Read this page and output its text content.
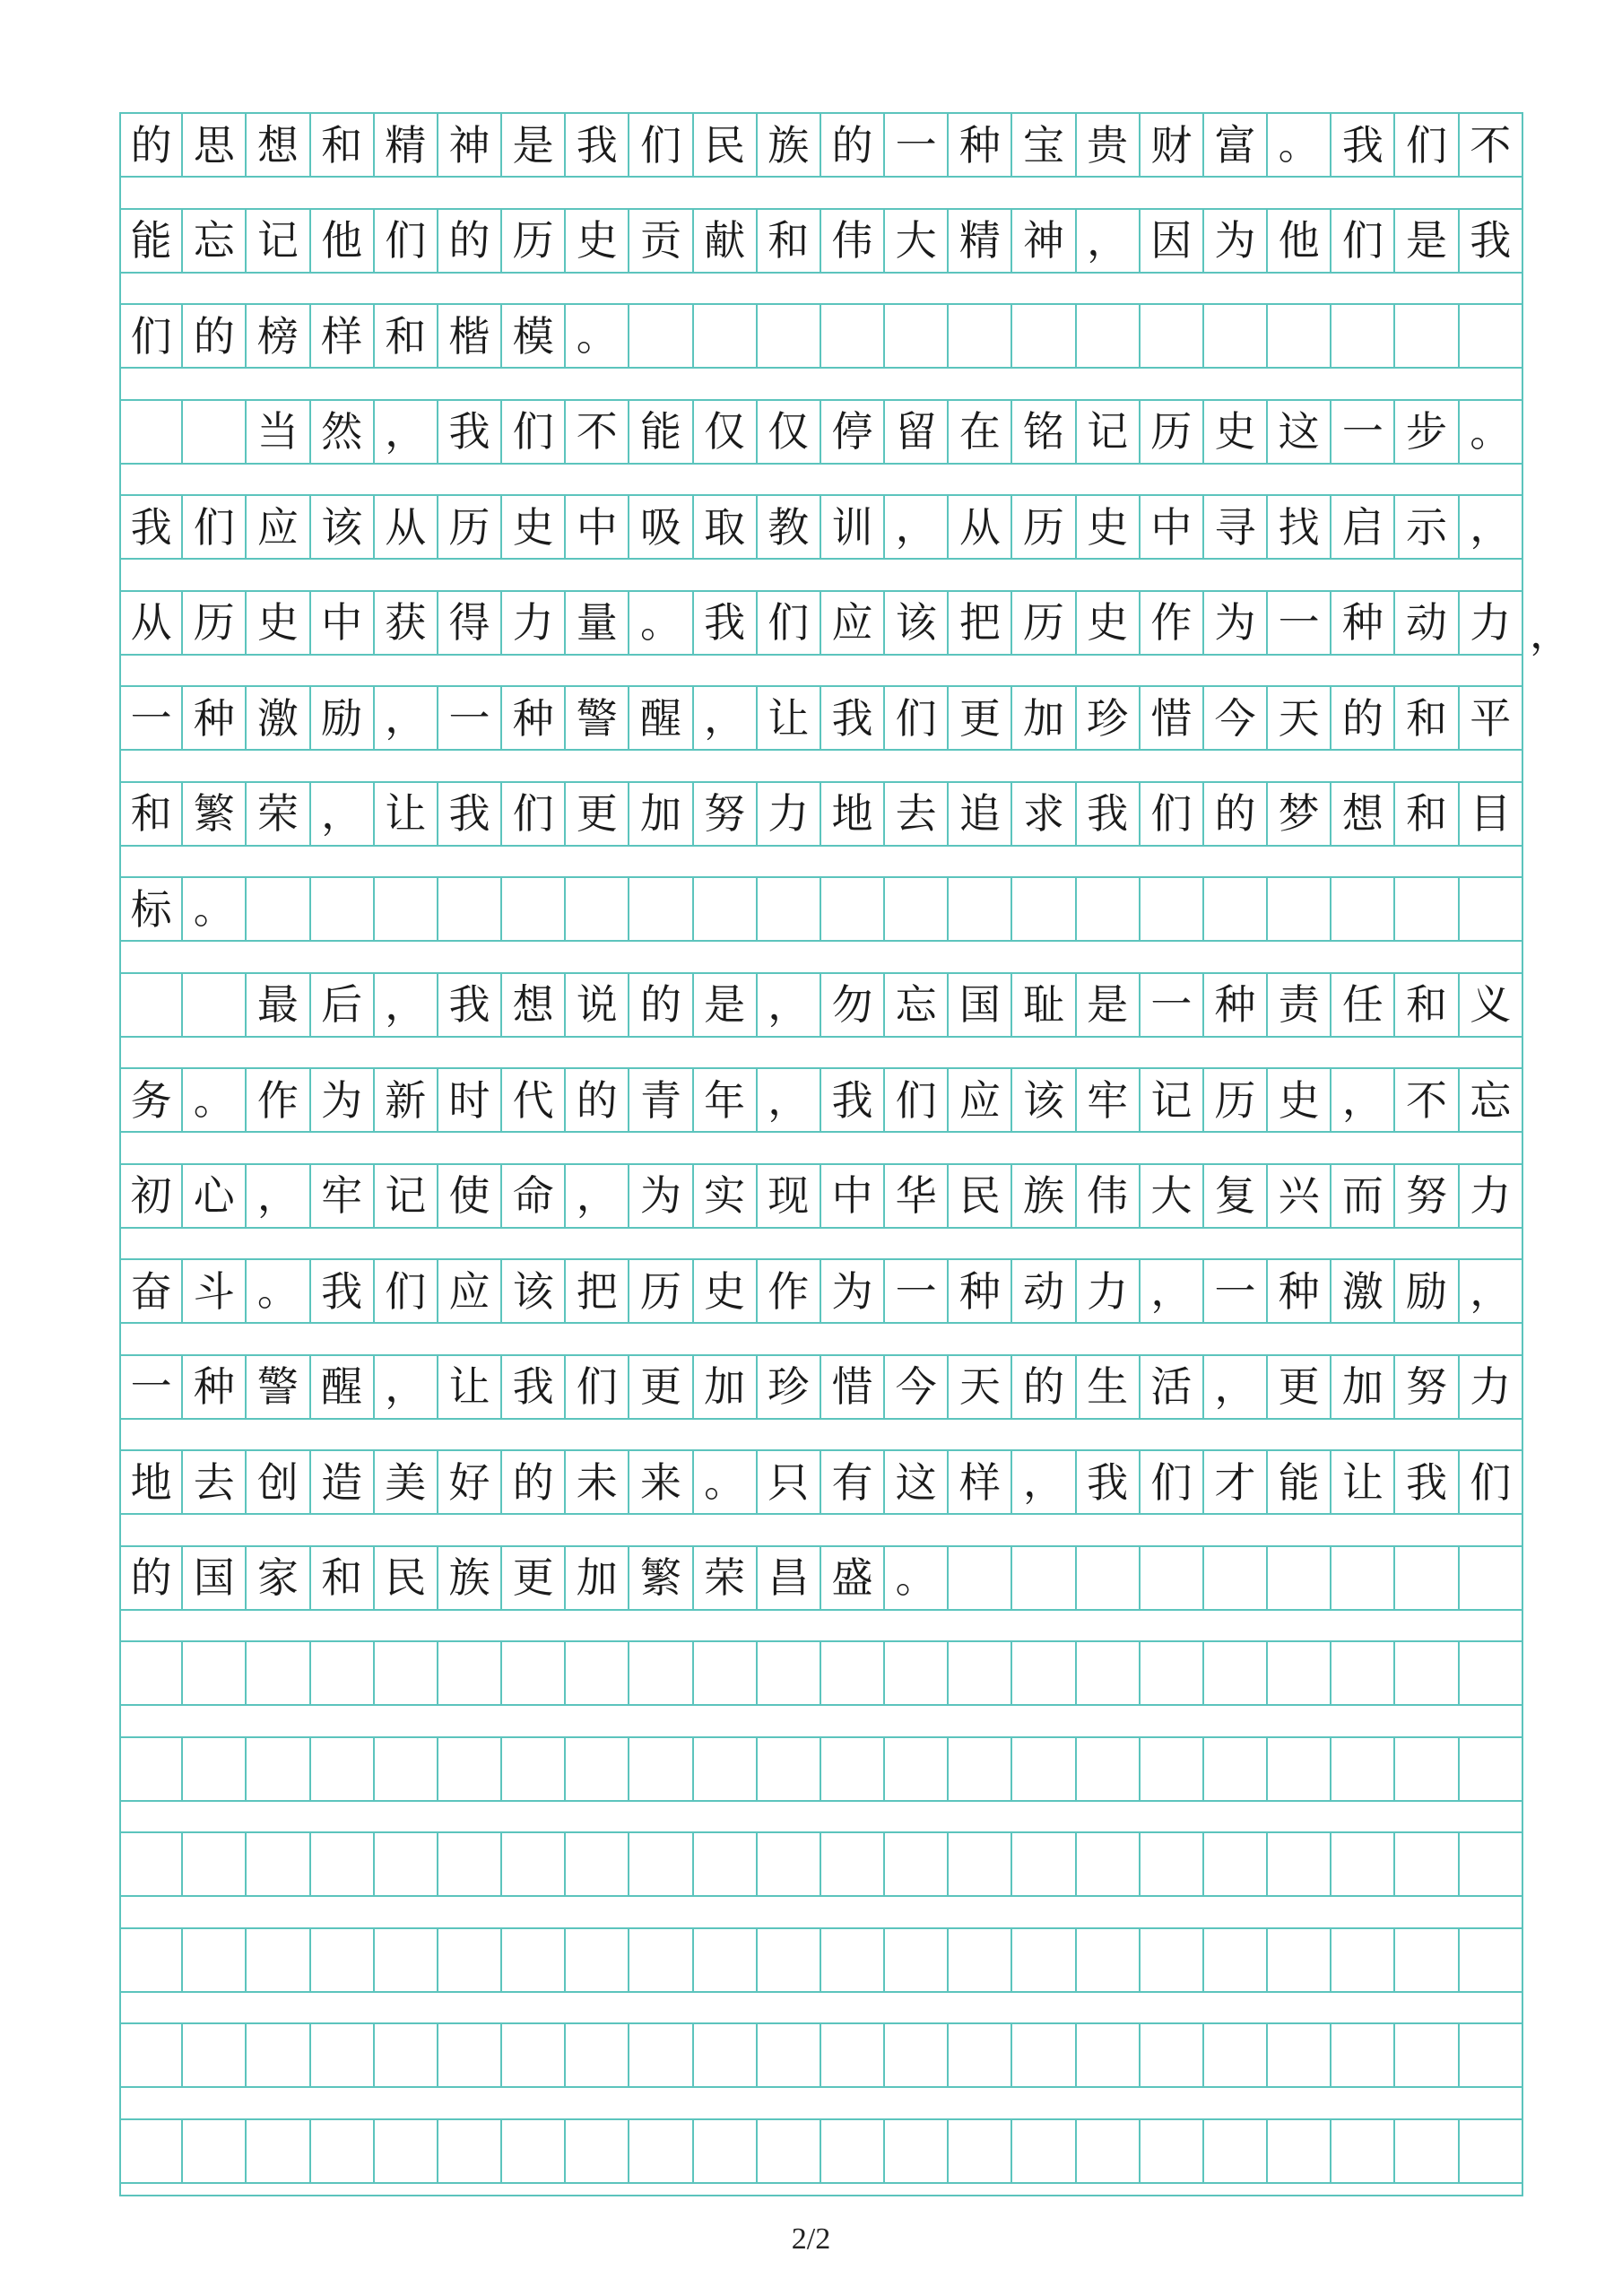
的 思 想 和 精 神 是 我 们 民 族 的 一 种 宝 贵 财 富 。 我 们 不
能 忘 记 他 们 的 历 史 贡 献 和 伟 大 精 神 ， 因 为 他 们 是 我
们 的 榜 样 和 楷 模 。
当 然 ， 我 们 不 能 仅 仅 停 留 在 铭 记 历 史 这 一 步 。
我 们 应 该 从 历 史 中 吸 取 教 训 ， 从 历 史 中 寻 找 启 示 ，
从 历 史 中 获 得 力 量 。 我 们 应 该 把 历 史 作 为 一 种 动 力
一 种 激 励 ， 一 种 警 醒 ， 让 我 们 更 加 珍 惜 今 天 的 和 平
和 繁 荣 ， 让 我 们 更 加 努 力 地 去 追 求 我 们 的 梦 想 和 目
标 。
最 后 ， 我 想 说 的 是 ， 勿 忘 国 耻 是 一 种 责 任 和 义
务 。 作 为 新 时 代 的 青 年 ， 我 们 应 该 牢 记 历 史 ， 不 忘
初 心 ， 牢 记 使 命 ， 为 实 现 中 华 民 族 伟 大 复 兴 而 努 力
奋 斗 。 我 们 应 该 把 历 史 作 为 一 种 动 力 ， 一 种 激 励 ，
一 种 警 醒 ， 让 我 们 更 加 珍 惜 今 天 的 生 活 ， 更 加 努 力
地 去 创 造 美 好 的 未 来 。 只 有 这 样 ， 我 们 才 能 让 我 们
的 国 家 和 民 族 更 加 繁 荣 昌 盛 。
，
2/2
